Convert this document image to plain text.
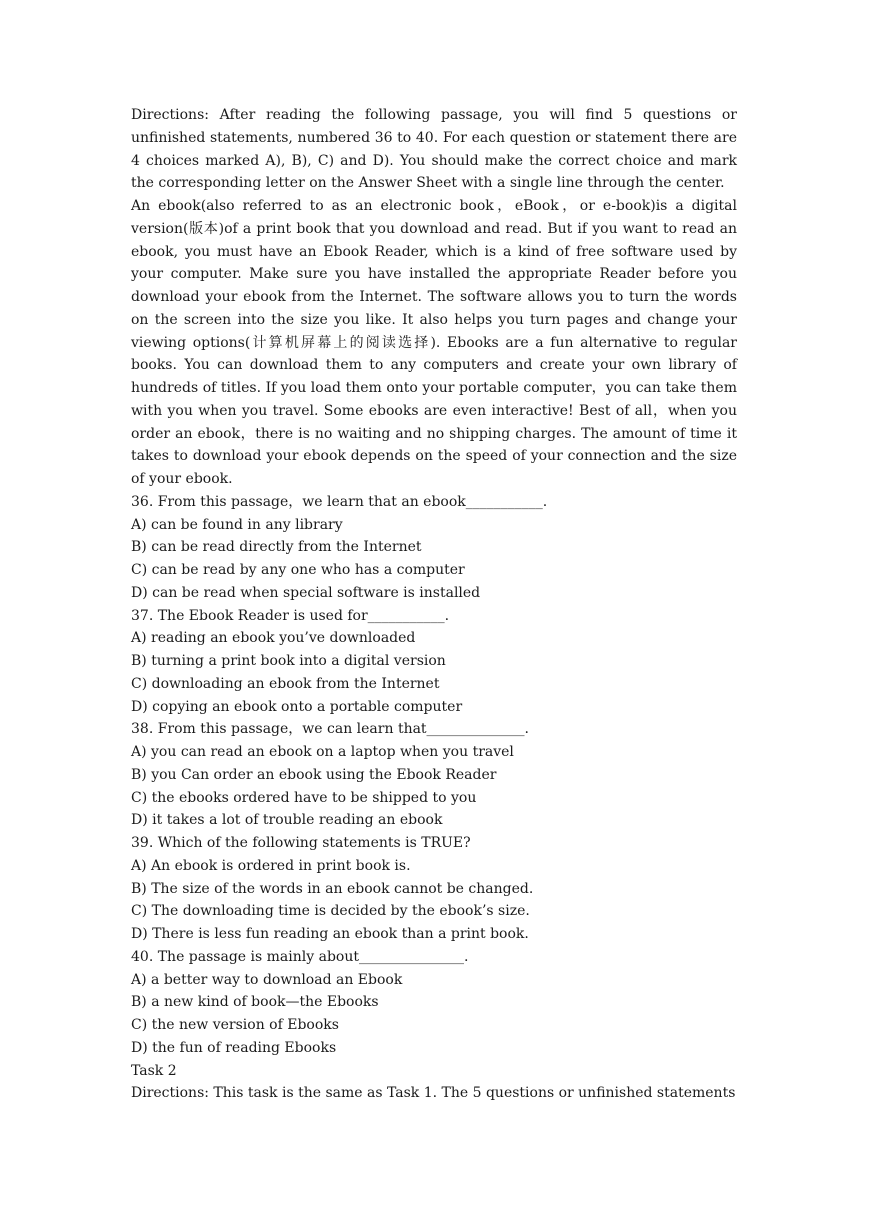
Directions: After reading the following passage, you will find 5 questions or unfinished statements, numbered 36 to 40. For each question or statement there are 4 choices marked A), B), C) and D). You should make the correct choice and mark the corresponding letter on the Answer Sheet with a single line through the center.

An ebook(also referred to as an electronic book，eBook，or e-book)is a digital version(版本)of a print book that you download and read. But if you want to read an ebook, you must have an Ebook Reader, which is a kind of free software used by your computer. Make sure you have installed the appropriate Reader before you download your ebook from the Internet. The software allows you to turn the words on the screen into the size you like. It also helps you turn pages and change your viewing options(计算机屏幕上的阅读选择). Ebooks are a fun alternative to regular books. You can download them to any computers and create your own library of hundreds of titles. If you load them onto your portable computer，you can take them with you when you travel. Some ebooks are even interactive! Best of all，when you order an ebook，there is no waiting and no shipping charges. The amount of time it takes to download your ebook depends on the speed of your connection and the size of your ebook.

36. From this passage，we learn that an ebook___________.

A) can be found in any library

B) can be read directly from the Internet

C) can be read by any one who has a computer

D) can be read when special software is installed

37. The Ebook Reader is used for___________.

A) reading an ebook you’ve downloaded

B) turning a print book into a digital version

C) downloading an ebook from the Internet

D) copying an ebook onto a portable computer

38. From this passage，we can learn that______________.

A) you can read an ebook on a laptop when you travel

B) you Can order an ebook using the Ebook Reader

C) the ebooks ordered have to be shipped to you

D) it takes a lot of trouble reading an ebook

39. Which of the following statements is TRUE?

A) An ebook is ordered in print book is.

B) The size of the words in an ebook cannot be changed.

C) The downloading time is decided by the ebook’s size.

D) There is less fun reading an ebook than a print book.

40. The passage is mainly about_______________.

A) a better way to download an Ebook

B) a new kind of book—the Ebooks

C) the new version of Ebooks

D) the fun of reading Ebooks

Task 2

Directions: This task is the same as Task 1. The 5 questions or unfinished statements
